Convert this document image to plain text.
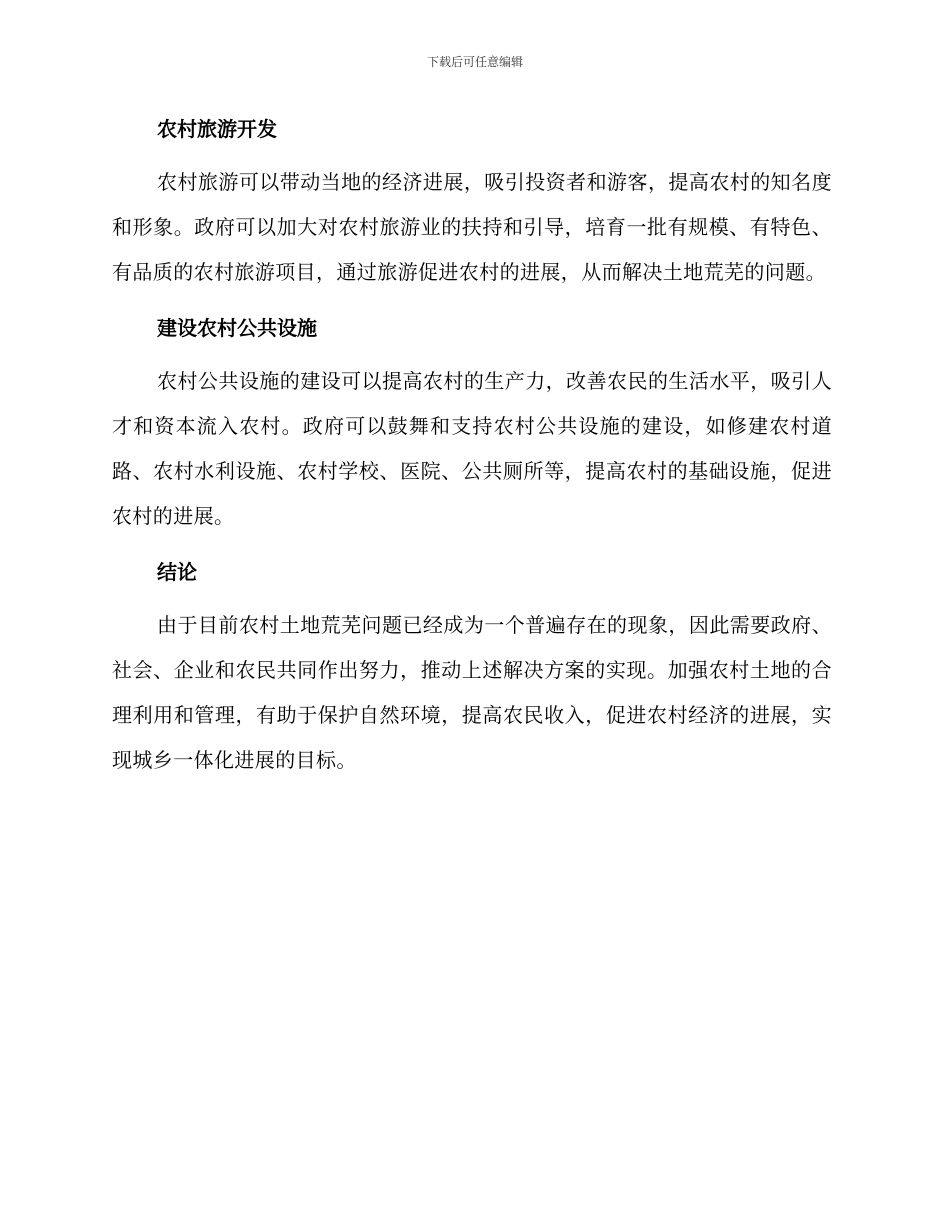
下载后可任意编辑
农村旅游开发

农村旅游可以带动当地的经济进展，吸引投资者和游客，提高农村的知名度和形象。政府可以加大对农村旅游业的扶持和引导，培育一批有规模、有特色、有品质的农村旅游项目，通过旅游促进农村的进展，从而解决土地荒芜的问题。

建设农村公共设施

农村公共设施的建设可以提高农村的生产力，改善农民的生活水平，吸引人才和资本流入农村。政府可以鼓舞和支持农村公共设施的建设，如修建农村道路、农村水利设施、农村学校、医院、公共厕所等，提高农村的基础设施，促进农村的进展。

结论

由于目前农村土地荒芜问题已经成为一个普遍存在的现象，因此需要政府、社会、企业和农民共同作出努力，推动上述解决方案的实现。加强农村土地的合理利用和管理，有助于保护自然环境，提高农民收入，促进农村经济的进展，实现城乡一体化进展的目标。
